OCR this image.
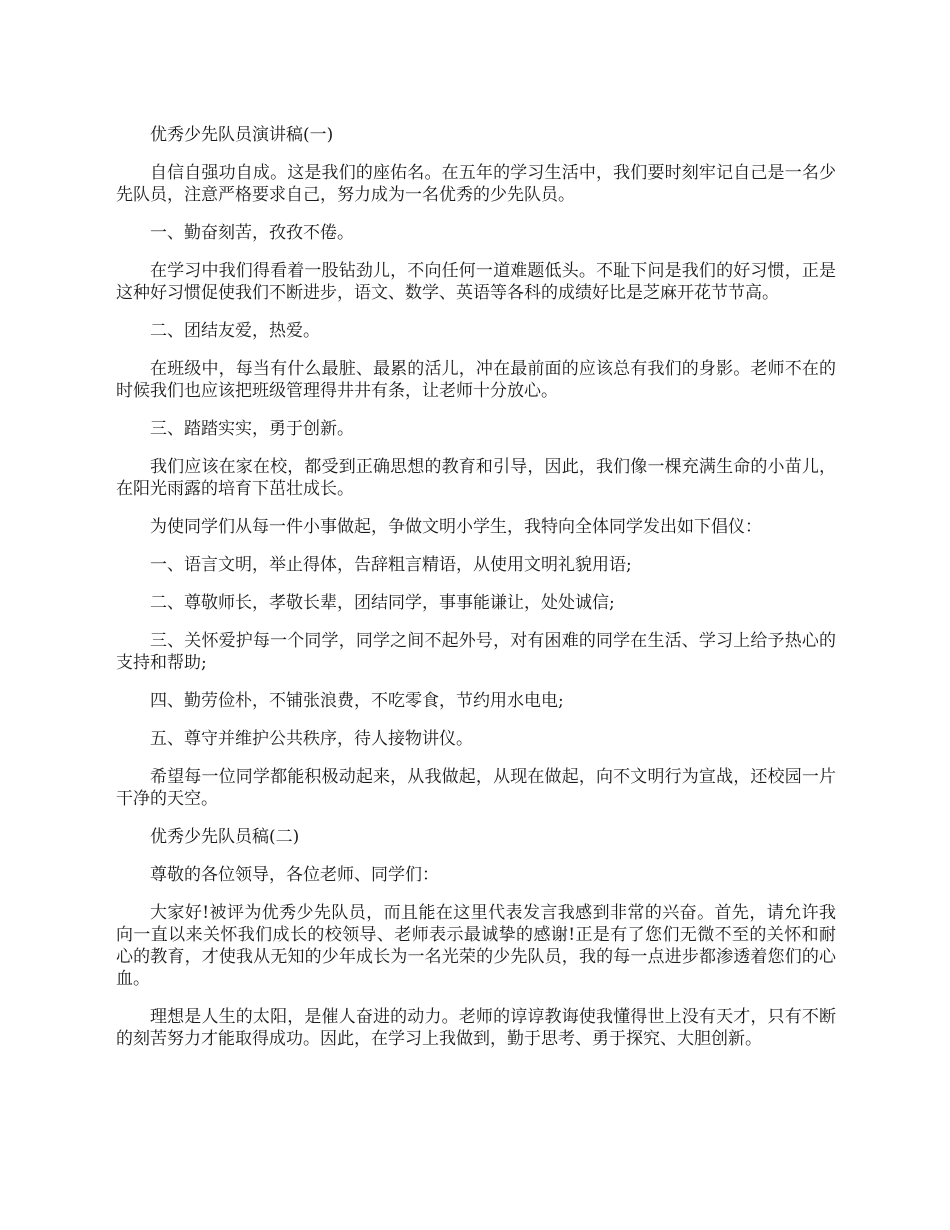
优秀少先队员演讲稿(一)

自信自强功自成。这是我们的座佑名。在五年的学习生活中，我们要时刻牢记自己是一名少先队员，注意严格要求自己，努力成为一名优秀的少先队员。

一、勤奋刻苦，孜孜不倦。

在学习中我们得看着一股钻劲儿，不向任何一道难题低头。不耻下问是我们的好习惯，正是这种好习惯促使我们不断进步，语文、数学、英语等各科的成绩好比是芝麻开花节节高。

二、团结友爱，热爱。

在班级中，每当有什么最脏、最累的活儿，冲在最前面的应该总有我们的身影。老师不在的时候我们也应该把班级管理得井井有条，让老师十分放心。

三、踏踏实实，勇于创新。

我们应该在家在校，都受到正确思想的教育和引导，因此，我们像一棵充满生命的小苗儿，在阳光雨露的培育下茁壮成长。

为使同学们从每一件小事做起，争做文明小学生，我特向全体同学发出如下倡仪：

一、语言文明，举止得体，告辞粗言精语，从使用文明礼貌用语;

二、尊敬师长，孝敬长辈，团结同学，事事能谦让，处处诚信;

三、关怀爱护每一个同学，同学之间不起外号，对有困难的同学在生活、学习上给予热心的支持和帮助;

四、勤劳俭朴，不铺张浪费，不吃零食，节约用水电电;

五、尊守并维护公共秩序，待人接物讲仪。

希望每一位同学都能积极动起来，从我做起，从现在做起，向不文明行为宣战，还校园一片干净的天空。

优秀少先队员稿(二)

尊敬的各位领导，各位老师、同学们：

大家好!被评为优秀少先队员，而且能在这里代表发言我感到非常的兴奋。首先，请允许我向一直以来关怀我们成长的校领导、老师表示最诚挚的感谢!正是有了您们无微不至的关怀和耐心的教育，才使我从无知的少年成长为一名光荣的少先队员，我的每一点进步都渗透着您们的心血。

理想是人生的太阳，是催人奋进的动力。老师的谆谆教诲使我懂得世上没有天才，只有不断的刻苦努力才能取得成功。因此，在学习上我做到，勤于思考、勇于探究、大胆创新。
